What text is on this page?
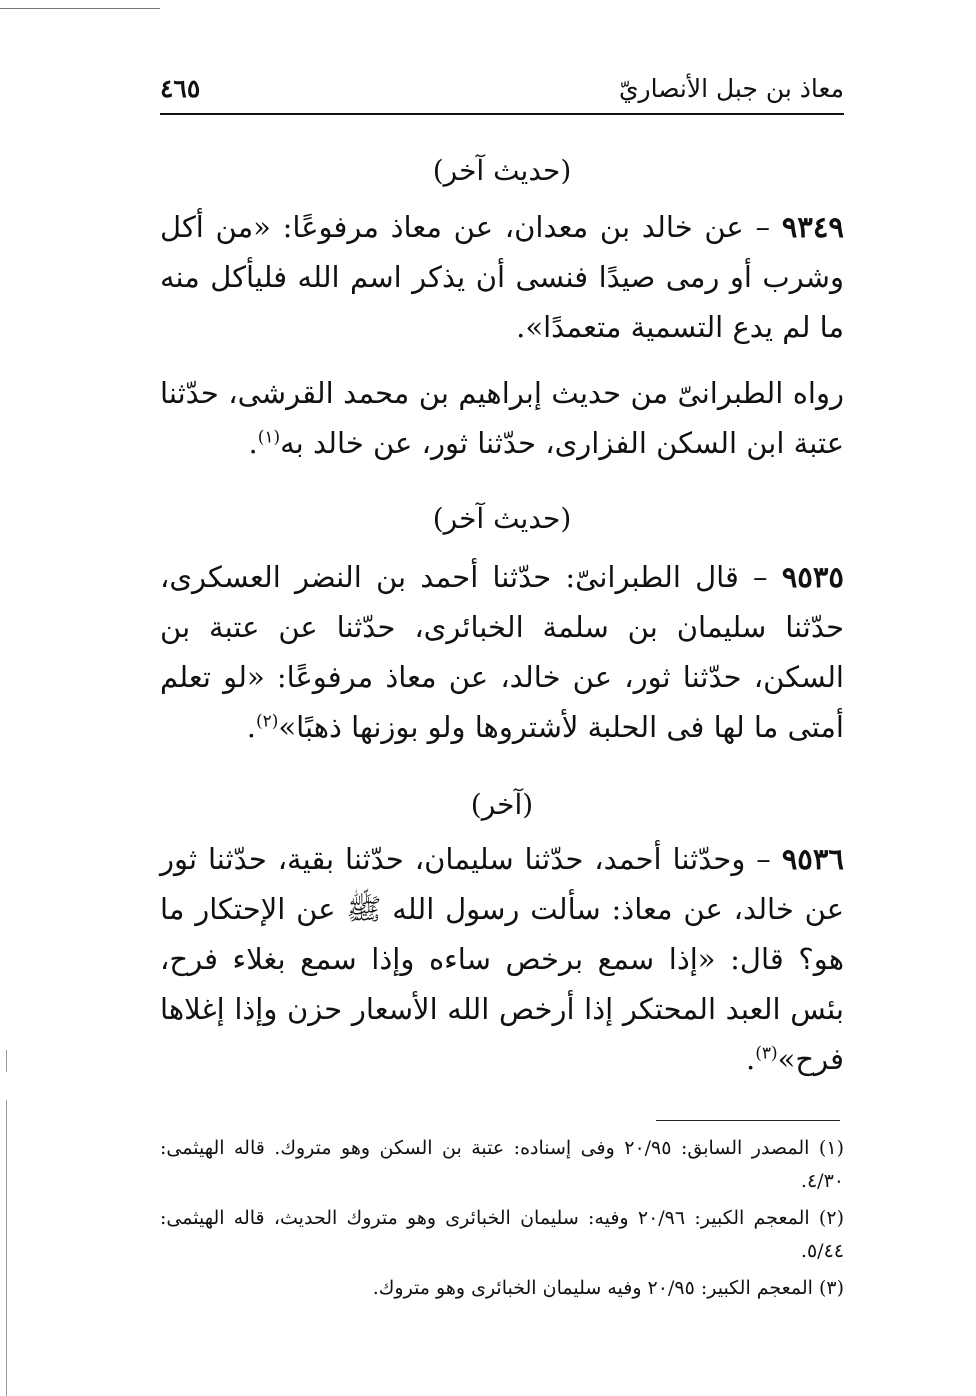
معاذ بن جبل الأنصاريّ
٤٦٥

(حديث آخر)

٩٣٤٩ – عن خالد بن معدان، عن معاذ مرفوعًا: «من أكل وشرب أو رمى صيدًا فنسى أن يذكر اسم الله فليأكل منه ما لم يدع التسمية متعمدًا».

رواه الطبرانىّ من حديث إبراهيم بن محمد القرشى، حدّثنا عتبة ابن السكن الفزارى، حدّثنا ثور، عن خالد به$^{(١)}$.

(حديث آخر)

٩٥٣٥ – قال الطبرانىّ: حدّثنا أحمد بن النضر العسكرى، حدّثنا سليمان بن سلمة الخبائرى، حدّثنا عن عتبة بن السكن، حدّثنا ثور، عن خالد، عن معاذ مرفوعًا: «لو تعلم أمتى ما لها فى الحلبة لأشتروها ولو بوزنها ذهبًا»$^{(٢)}$.

(آخر)

٩٥٣٦ – وحدّثنا أحمد، حدّثنا سليمان، حدّثنا بقية، حدّثنا ثور عن خالد، عن معاذ: سألت رسول الله ﷺ عن الإحتكار ما هو؟ قال: «إذا سمع برخص ساءه وإذا سمع بغلاء فرح، بئس العبد المحتكر إذا أرخص الله الأسعار حزن وإذا إغلاها فرح»$^{(٣)}$.

(١) المصدر السابق: ٢٠/٩٥ وفى إسناده: عتبة بن السكن وهو متروك. قاله الهيثمى: ٤/٣٠.

(٢) المعجم الكبير: ٢٠/٩٦ وفيه: سليمان الخبائرى وهو متروك الحديث، قاله الهيثمى: ٥/٤٤.

(٣) المعجم الكبير: ٢٠/٩٥ وفيه سليمان الخبائرى وهو متروك.
